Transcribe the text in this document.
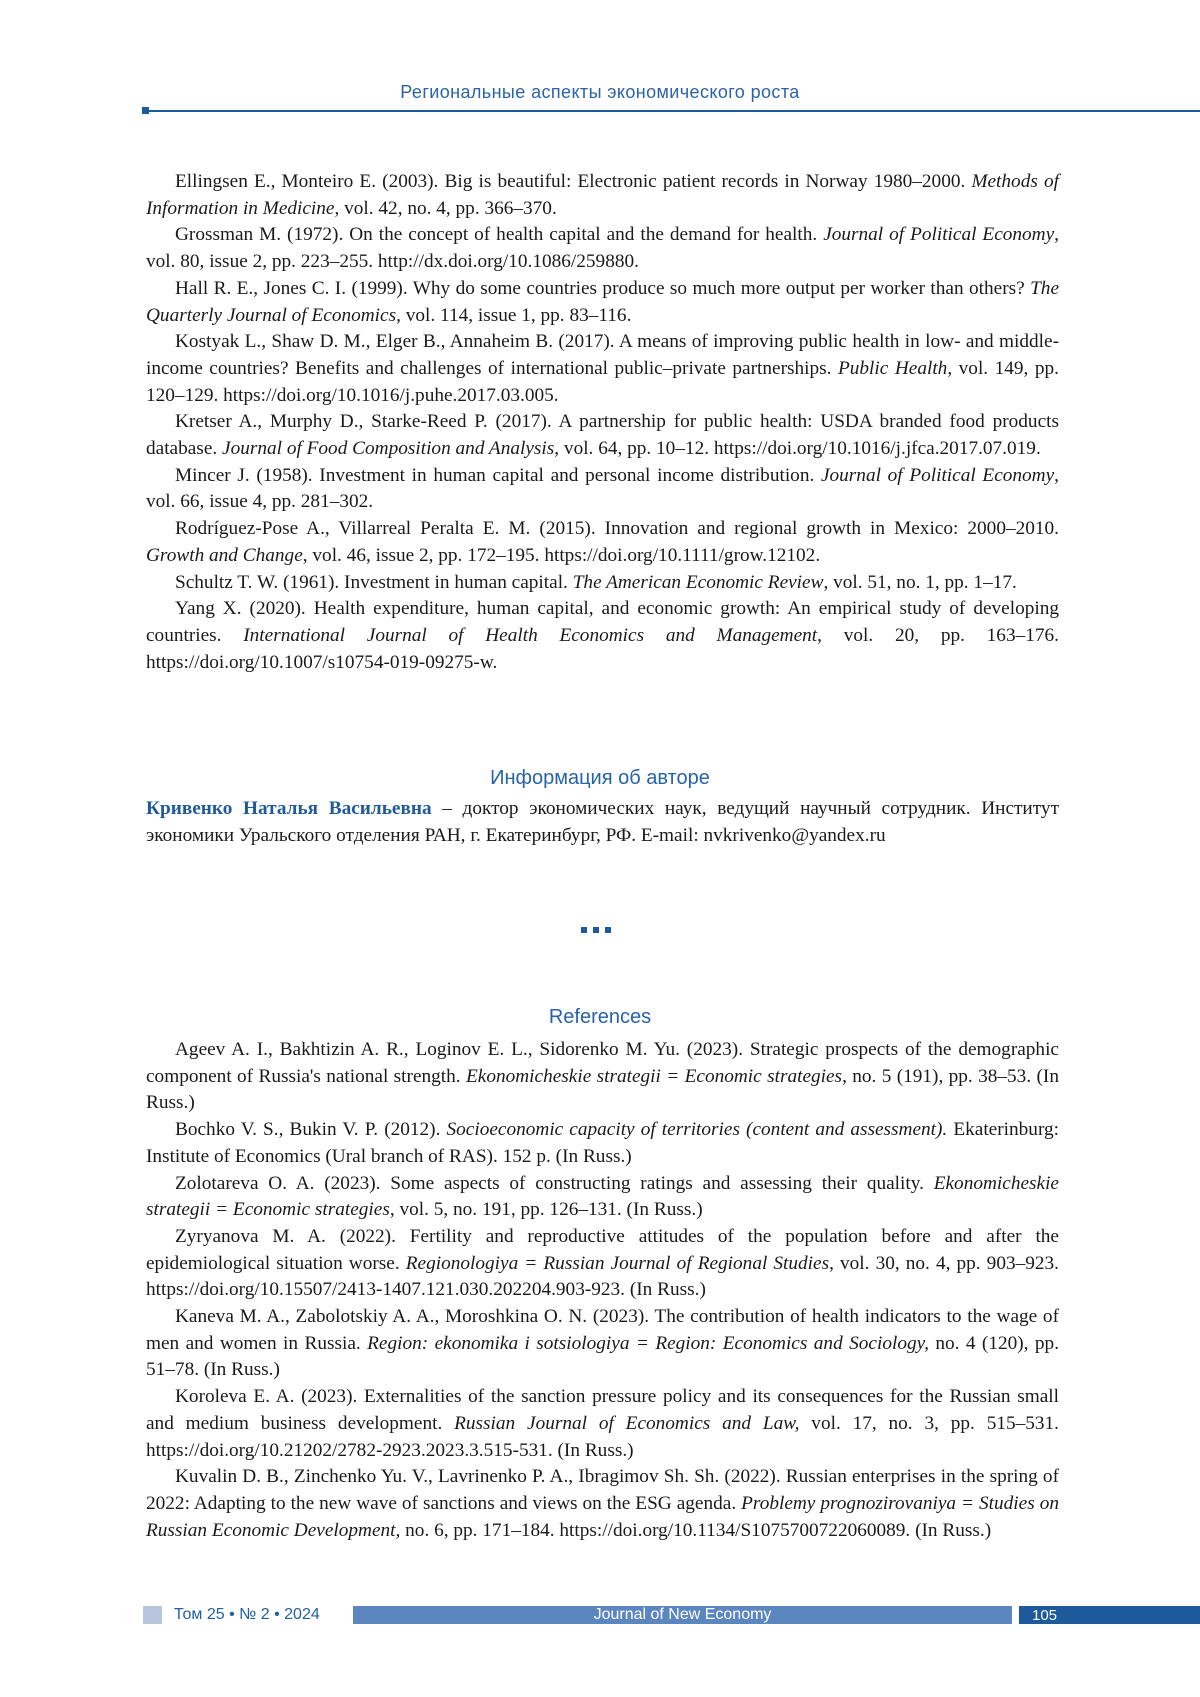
Региональные аспекты экономического роста

Ellingsen E., Monteiro E. (2003). Big is beautiful: Electronic patient records in Norway 1980–2000. Methods of Information in Medicine, vol. 42, no. 4, pp. 366–370.

Grossman M. (1972). On the concept of health capital and the demand for health. Journal of Political Economy, vol. 80, issue 2, pp. 223–255. http://dx.doi.org/10.1086/259880.

Hall R. E., Jones C. I. (1999). Why do some countries produce so much more output per worker than others? The Quarterly Journal of Economics, vol. 114, issue 1, pp. 83–116.

Kostyak L., Shaw D. M., Elger B., Annaheim B. (2017). A means of improving public health in low- and middle-income countries? Benefits and challenges of international public–private partnerships. Public Health, vol. 149, pp. 120–129. https://doi.org/10.1016/j.puhe.2017.03.005.

Kretser A., Murphy D., Starke-Reed P. (2017). A partnership for public health: USDA branded food products database. Journal of Food Composition and Analysis, vol. 64, pp. 10–12. https://doi.org/10.1016/j.jfca.2017.07.019.

Mincer J. (1958). Investment in human capital and personal income distribution. Journal of Political Economy, vol. 66, issue 4, pp. 281–302.

Rodríguez-Pose A., Villarreal Peralta E. M. (2015). Innovation and regional growth in Mexico: 2000–2010. Growth and Change, vol. 46, issue 2, pp. 172–195. https://doi.org/10.1111/grow.12102.

Schultz T. W. (1961). Investment in human capital. The American Economic Review, vol. 51, no. 1, pp. 1–17.

Yang X. (2020). Health expenditure, human capital, and economic growth: An empirical study of developing countries. International Journal of Health Economics and Management, vol. 20, pp. 163–176. https://doi.org/10.1007/s10754-019-09275-w.

Информация об авторе

Кривенко Наталья Васильевна – доктор экономических наук, ведущий научный сотрудник. Институт экономики Уральского отделения РАН, г. Екатеринбург, РФ. E-mail: nvkrivenko@yandex.ru

References

Ageev A. I., Bakhtizin A. R., Loginov E. L., Sidorenko M. Yu. (2023). Strategic prospects of the demographic component of Russia's national strength. Ekonomicheskie strategii = Economic strategies, no. 5 (191), pp. 38–53. (In Russ.)

Bochko V. S., Bukin V. P. (2012). Socioeconomic capacity of territories (content and assessment). Ekaterinburg: Institute of Economics (Ural branch of RAS). 152 p. (In Russ.)

Zolotareva O. A. (2023). Some aspects of constructing ratings and assessing their quality. Ekonomicheskie strategii = Economic strategies, vol. 5, no. 191, pp. 126–131. (In Russ.)

Zyryanova M. A. (2022). Fertility and reproductive attitudes of the population before and after the epidemiological situation worse. Regionologiya = Russian Journal of Regional Studies, vol. 30, no. 4, pp. 903–923. https://doi.org/10.15507/2413-1407.121.030.202204.903-923. (In Russ.)

Kaneva M. A., Zabolotskiy A. A., Moroshkina O. N. (2023). The contribution of health indicators to the wage of men and women in Russia. Region: ekonomika i sotsiologiya = Region: Economics and Sociology, no. 4 (120), pp. 51–78. (In Russ.)

Koroleva E. A. (2023). Externalities of the sanction pressure policy and its consequences for the Russian small and medium business development. Russian Journal of Economics and Law, vol. 17, no. 3, pp. 515–531. https://doi.org/10.21202/2782-2923.2023.3.515-531. (In Russ.)

Kuvalin D. B., Zinchenko Yu. V., Lavrinenko P. A., Ibragimov Sh. Sh. (2022). Russian enterprises in the spring of 2022: Adapting to the new wave of sanctions and views on the ESG agenda. Problemy prognozirovaniya = Studies on Russian Economic Development, no. 6, pp. 171–184. https://doi.org/10.1134/S1075700722060089. (In Russ.)

Том 25 • № 2 • 2024	Journal of New Economy	105
